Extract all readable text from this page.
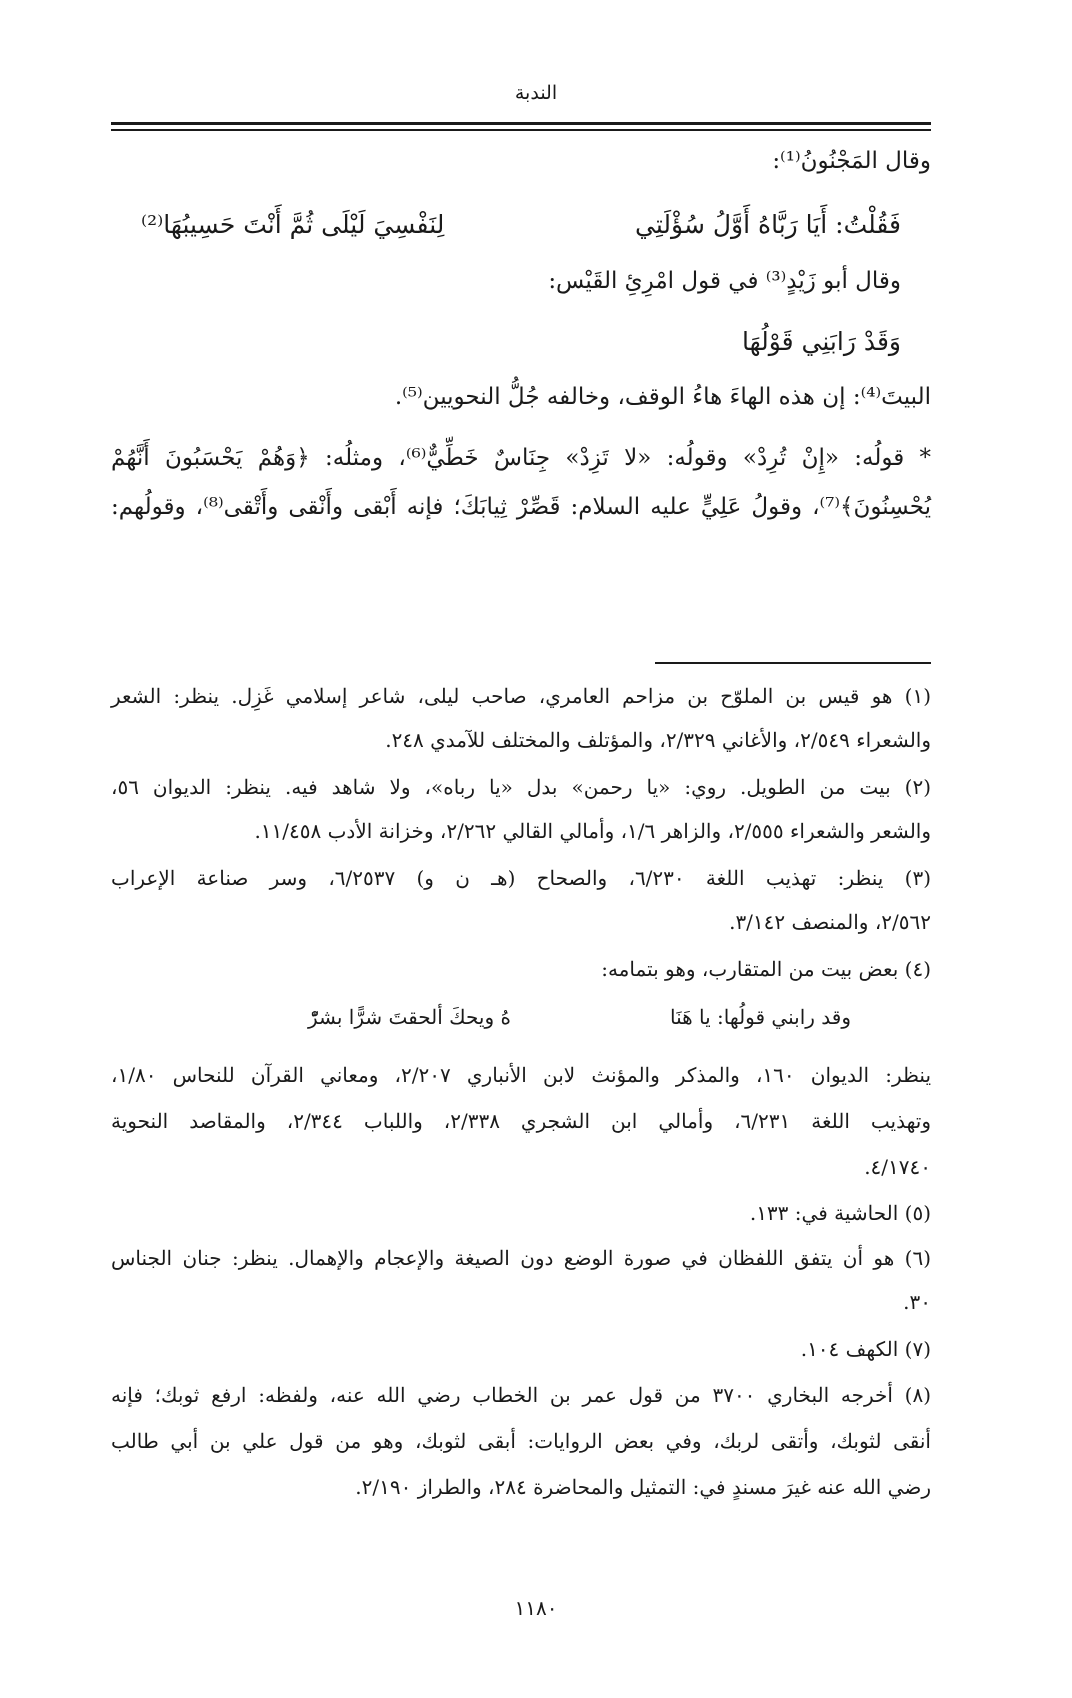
الندبة
وقال المَجْنُونُ⁽¹⁾:
فَقُلْتُ: أَيَا رَبَّاهُ أَوَّلُ سُؤْلَتِي
لِنَفْسِيَ لَيْلَى ثُمَّ أَنْتَ حَسِيبُهَا⁽²⁾
وقال أبو زَيْدٍ⁽³⁾ في قول امْرِئِ القَيْس:
وَقَدْ رَابَنِي قَوْلُهَا
البيتَ⁽⁴⁾: إن هذه الهاءَ هاءُ الوقف، وخالفه جُلُّ النحويين⁽⁵⁾.
* قولُه: «إِنْ تُرِدْ» وقولُه: «لا تَزِدْ» جِنَاسٌ خَطِّيٌّ⁽⁶⁾، ومثلُه: ﴿وَهُمْ يَحْسَبُونَ أَنَّهُمْ
يُحْسِنُونَ﴾⁽⁷⁾، وقولُ عَلِيٍّ عليه السلام: قَصِّرْ ثِيابَكَ؛ فإنه أَبْقى وأَنْقى وأَتْقى⁽⁸⁾، وقولُهم:
(١) هو قيس بن الملوّح بن مزاحم العامري، صاحب ليلى، شاعر إسلامي غَزِل. ينظر: الشعر
والشعراء ٢/٥٤٩، والأغاني ٢/٣٢٩، والمؤتلف والمختلف للآمدي ٢٤٨.
(٢) بيت من الطويل. روي: «يا رحمن» بدل «يا رباه»، ولا شاهد فيه. ينظر: الديوان ٥٦،
والشعر والشعراء ٢/٥٥٥، والزاهر ١/٦، وأمالي القالي ٢/٢٦٢، وخزانة الأدب ١١/٤٥٨.
(٣) ينظر: تهذيب اللغة ٦/٢٣٠، والصحاح (هـ ن و) ٦/٢٥٣٧، وسر صناعة الإعراب
٢/٥٦٢، والمنصف ٣/١٤٢.
(٤) بعض بيت من المتقارب، وهو بتمامه:
وقد رابني قولُها: يا هَنَا
هُ ويحكَ ألحقتَ شرًّا بشرّْ
ينظر: الديوان ١٦٠، والمذكر والمؤنث لابن الأنباري ٢/٢٠٧، ومعاني القرآن للنحاس ١/٨٠،
وتهذيب اللغة ٦/٢٣١، وأمالي ابن الشجري ٢/٣٣٨، واللباب ٢/٣٤٤، والمقاصد النحوية
٤/١٧٤٠.
(٥) الحاشية في: ١٣٣.
(٦) هو أن يتفق اللفظان في صورة الوضع دون الصيغة والإعجام والإهمال. ينظر: جنان الجناس
٣٠.
(٧) الكهف ١٠٤.
(٨) أخرجه البخاري ٣٧٠٠ من قول عمر بن الخطاب رضي الله عنه، ولفظه: ارفع ثوبك؛ فإنه
أنقى لثوبك، وأتقى لربك، وفي بعض الروايات: أبقى لثوبك، وهو من قول علي بن أبي طالب
رضي الله عنه غيرَ مسندٍ في: التمثيل والمحاضرة ٢٨٤، والطراز ٢/١٩٠.
١١٨٠
